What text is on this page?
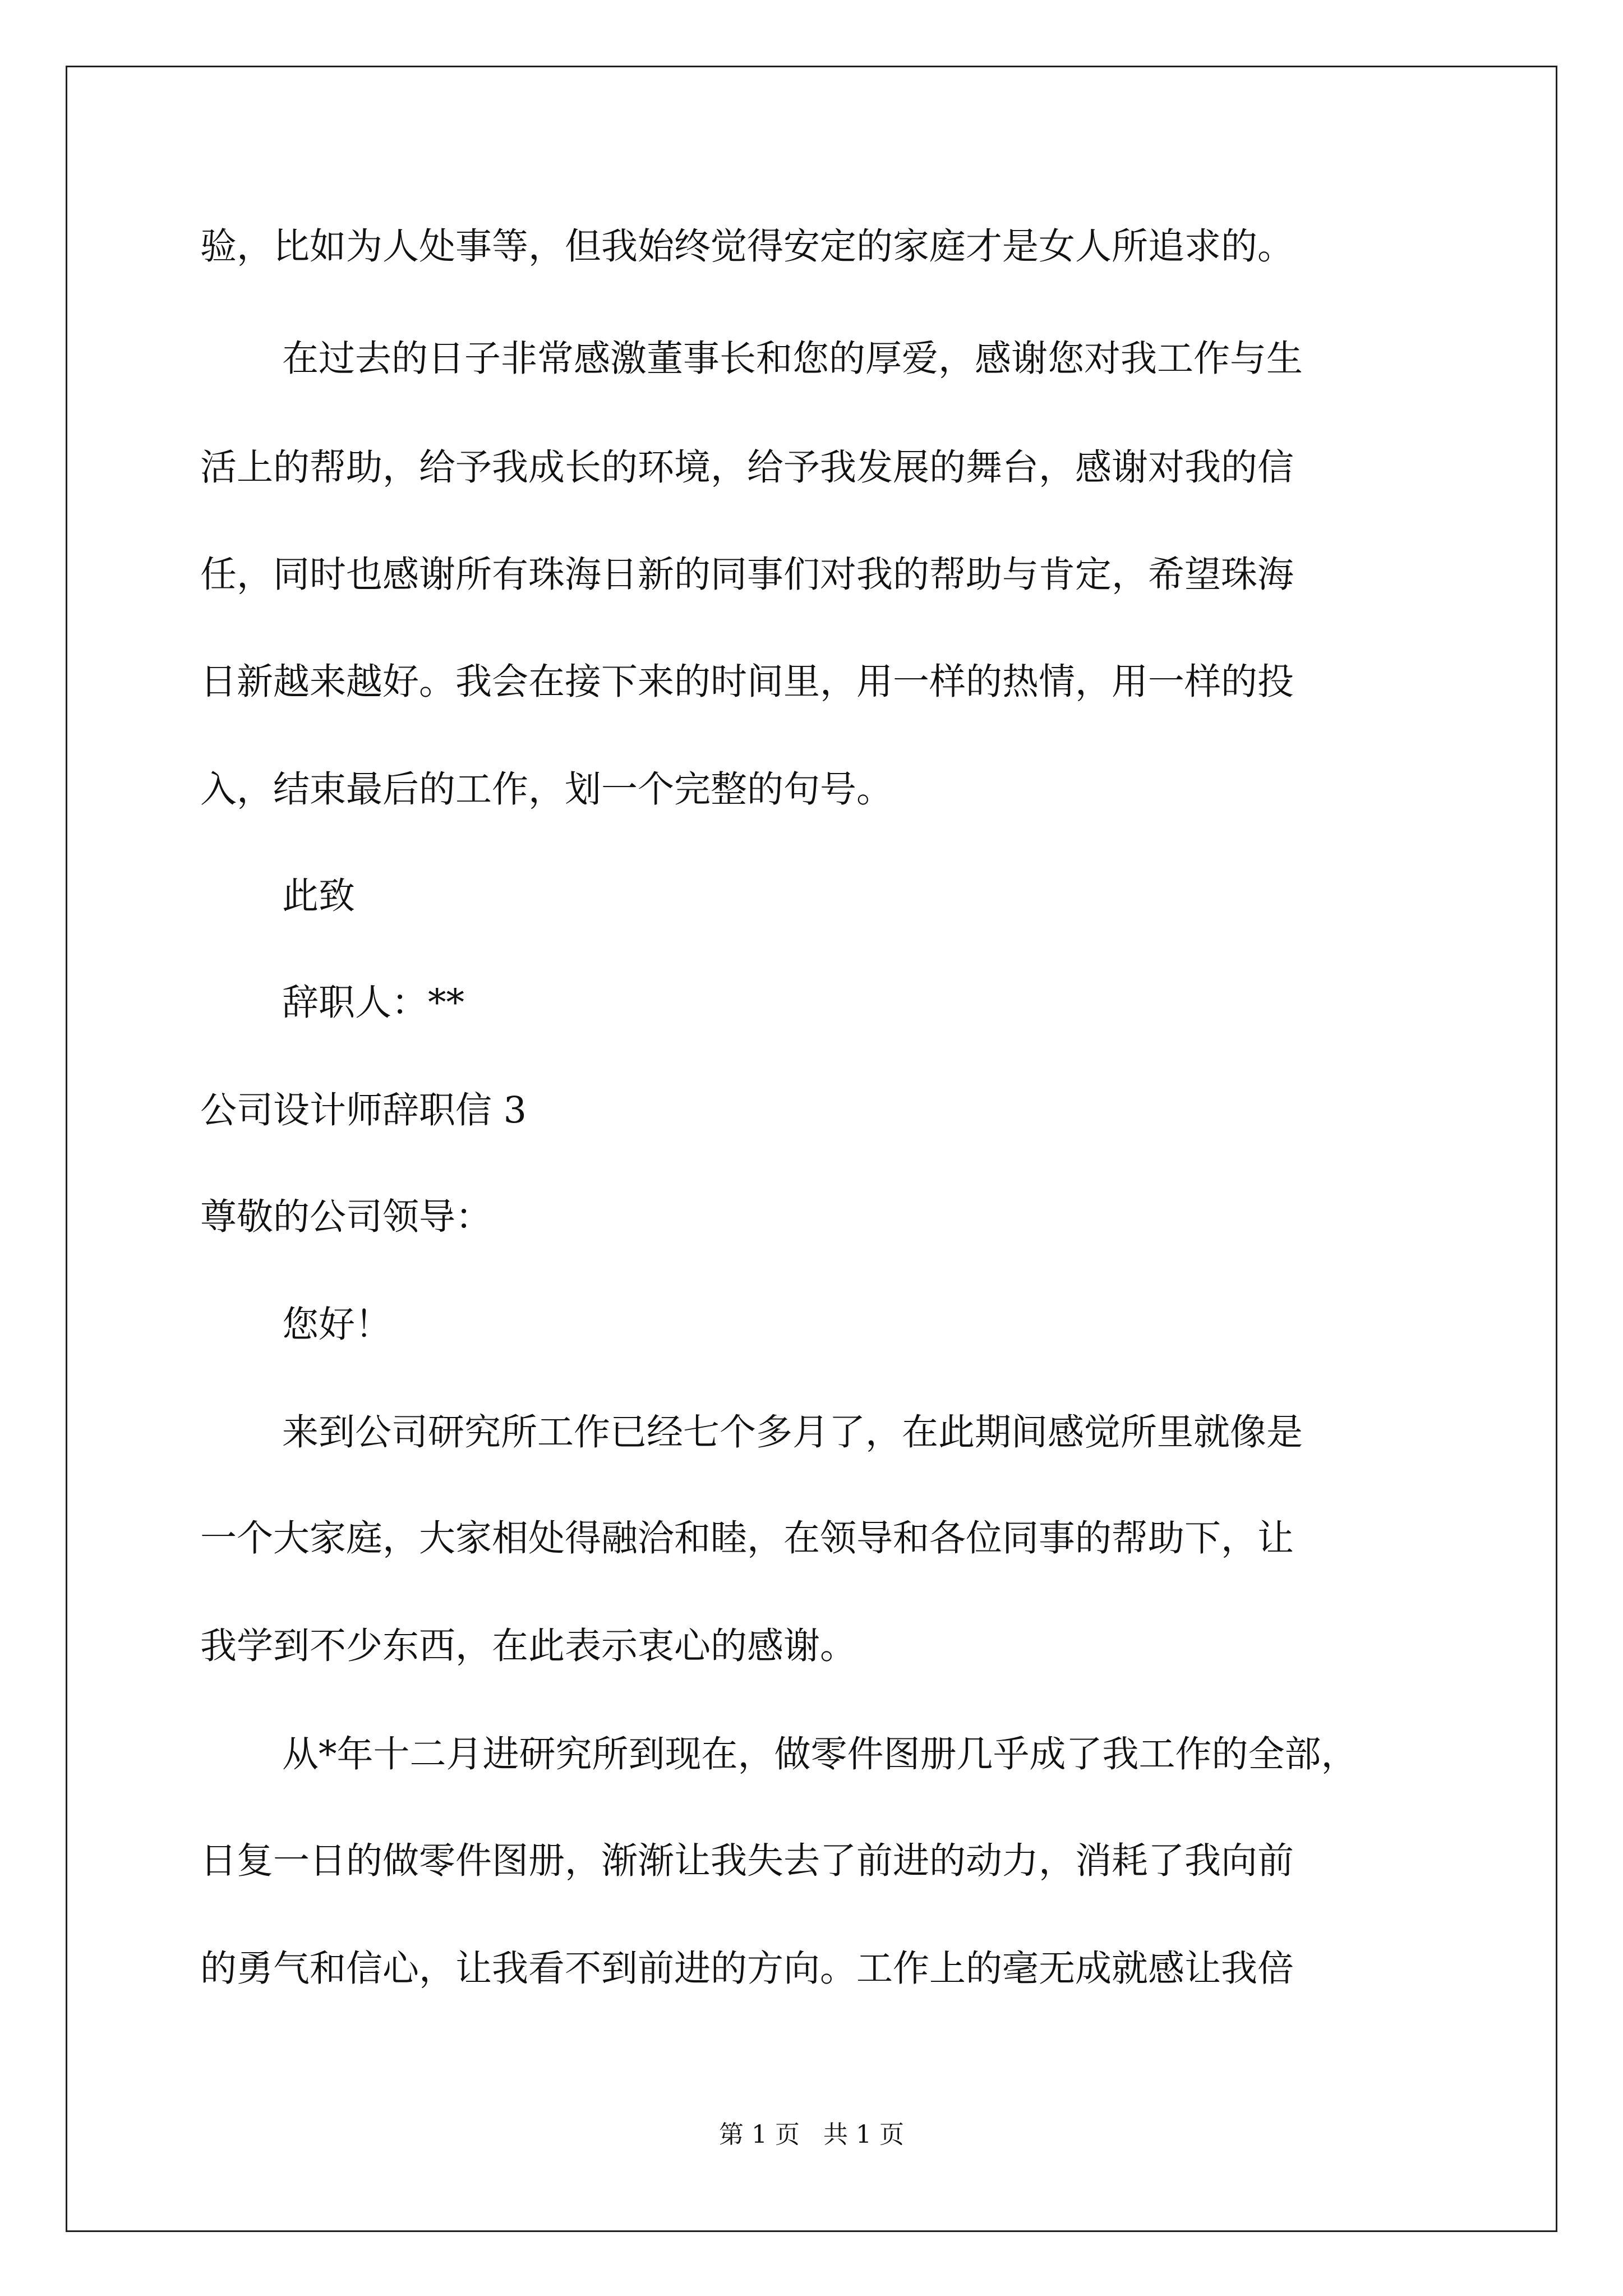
验，比如为人处事等，但我始终觉得安定的家庭才是女人所追求的。

在过去的日子非常感激董事长和您的厚爱，感谢您对我工作与生

活上的帮助，给予我成长的环境，给予我发展的舞台，感谢对我的信

任，同时也感谢所有珠海日新的同事们对我的帮助与肯定，希望珠海

日新越来越好。我会在接下来的时间里，用一样的热情，用一样的投

入，结束最后的工作，划一个完整的句号。

此致

辞职人：**

公司设计师辞职信 3

尊敬的公司领导：

您好！

来到公司研究所工作已经七个多月了，在此期间感觉所里就像是

一个大家庭，大家相处得融洽和睦，在领导和各位同事的帮助下，让

我学到不少东西，在此表示衷心的感谢。

从*年十二月进研究所到现在，做零件图册几乎成了我工作的全部，

日复一日的做零件图册，渐渐让我失去了前进的动力，消耗了我向前

的勇气和信心，让我看不到前进的方向。工作上的毫无成就感让我倍

第 1 页   共 1 页
